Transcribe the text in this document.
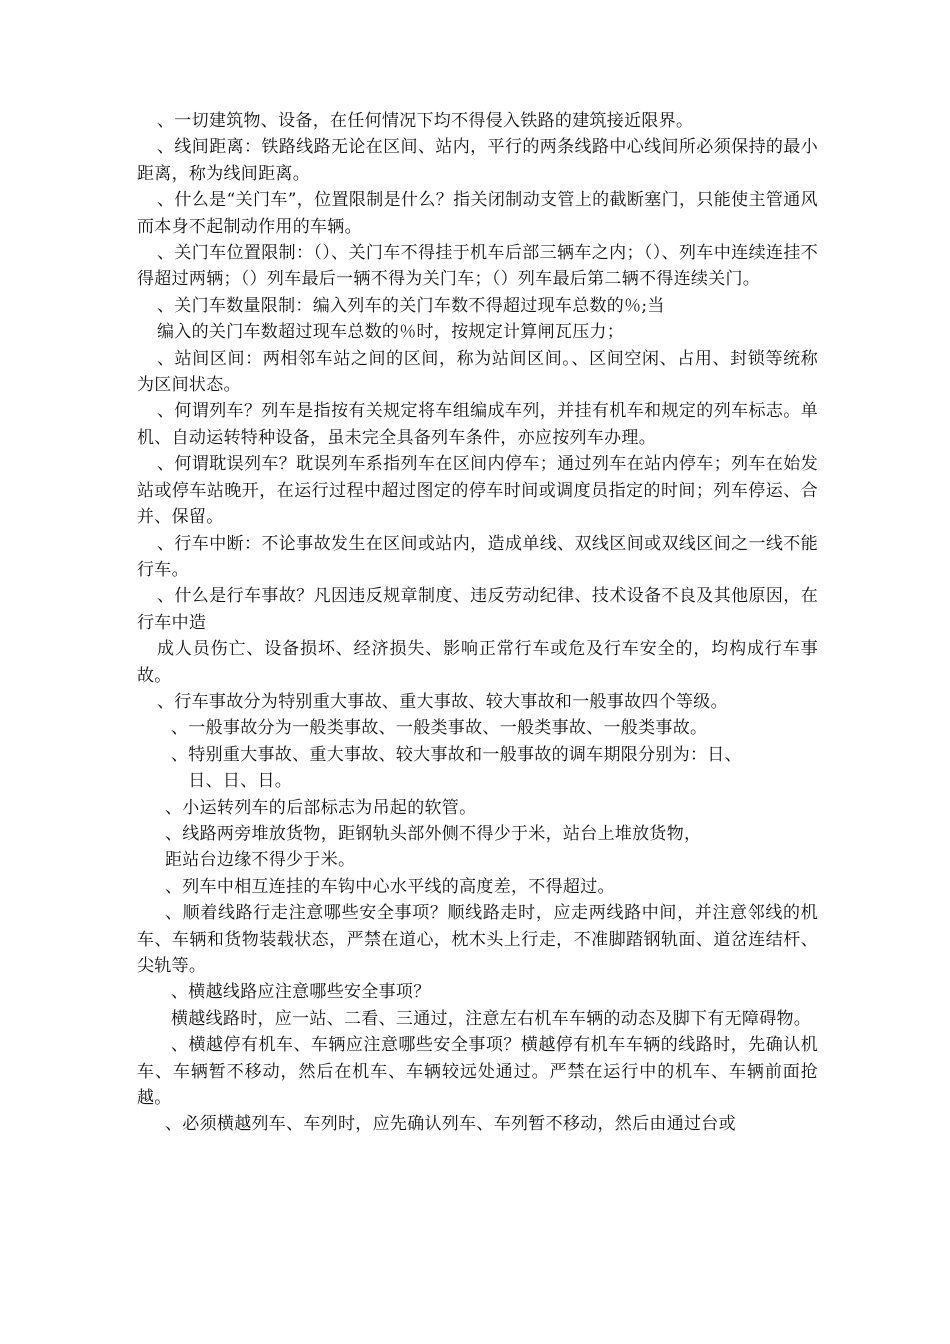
、一切建筑物、设备，在任何情况下均不得侵入铁路的建筑接近限界。

、线间距离：铁路线路无论在区间、站内，平行的两条线路中心线间所必须保持的最小距离，称为线间距离。

、什么是“关门车”，位置限制是什么？指关闭制动支管上的截断塞门，只能使主管通风而本身不起制动作用的车辆。

、关门车位置限制：（）、关门车不得挂于机车后部三辆车之内；（）、列车中连续连挂不得超过两辆；（）列车最后一辆不得为关门车；（）列车最后第二辆不得连续关门。

、关门车数量限制：编入列车的关门车数不得超过现车总数的％;当
编入的关门车数超过现车总数的％时，按规定计算闸瓦压力；

、站间区间：两相邻车站之间的区间，称为站间区间。、区间空闲、占用、封锁等统称为区间状态。

、何谓列车？列车是指按有关规定将车组编成车列，并挂有机车和规定的列车标志。单机、自动运转特种设备，虽未完全具备列车条件，亦应按列车办理。

、何谓耽误列车？耽误列车系指列车在区间内停车；通过列车在站内停车；列车在始发站或停车站晚开，在运行过程中超过图定的停车时间或调度员指定的时间；列车停运、合并、保留。

、行车中断：不论事故发生在区间或站内，造成单线、双线区间或双线区间之一线不能行车。

、什么是行车事故？凡因违反规章制度、违反劳动纪律、技术设备不良及其他原因，在行车中造
成人员伤亡、设备损坏、经济损失、影响正常行车或危及行车安全的，均构成行车事故。

、行车事故分为特别重大事故、重大事故、较大事故和一般事故四个等级。

、一般事故分为一般类事故、一般类事故、一般类事故、一般类事故。

、特别重大事故、重大事故、较大事故和一般事故的调车期限分别为：日、
　日、日、日。

、小运转列车的后部标志为吊起的软管。

、线路两旁堆放货物，距钢轨头部外侧不得少于米，站台上堆放货物，
距站台边缘不得少于米。

、列车中相互连挂的车钩中心水平线的高度差，不得超过。

、顺着线路行走注意哪些安全事项？顺线路走时，应走两线路中间，并注意邻线的机车、车辆和货物装载状态，严禁在道心，枕木头上行走，不准脚踏钢轨面、道岔连结杆、尖轨等。

、横越线路应注意哪些安全事项？
横越线路时，应一站、二看、三通过，注意左右机车车辆的动态及脚下有无障碍物。

、横越停有机车、车辆应注意哪些安全事项？横越停有机车车辆的线路时，先确认机车、车辆暂不移动，然后在机车、车辆较远处通过。严禁在运行中的机车、车辆前面抢越。

、必须横越列车、车列时，应先确认列车、车列暂不移动，然后由通过台或
